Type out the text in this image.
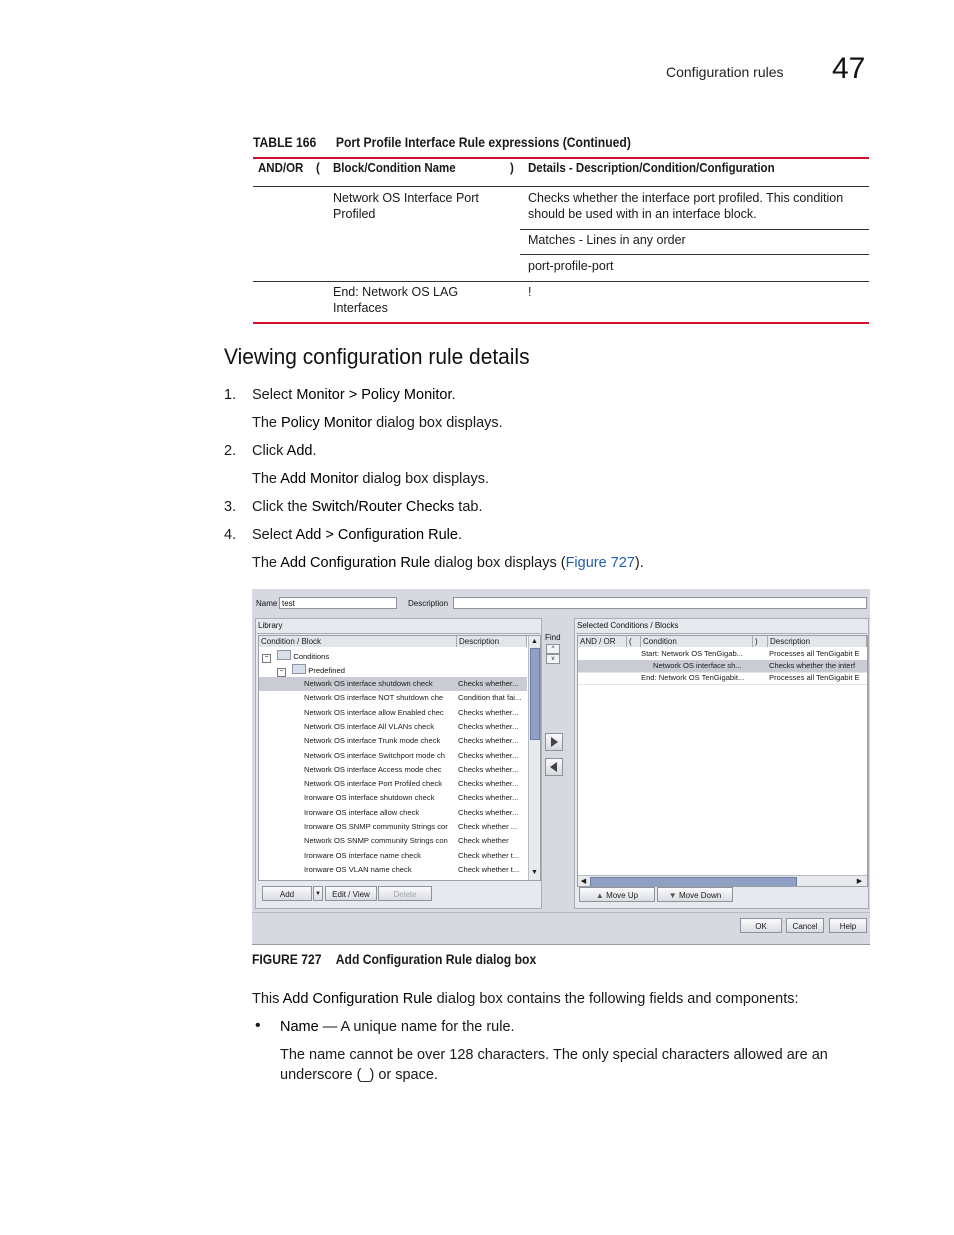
Configuration rules 47
TABLE 166 Port Profile Interface Rule expressions (Continued)
AND/OR ( Block/Condition Name	) Details - Description/Condition/Configuration
Network OS Interface Port
Profiled
Checks whether the interface port profiled. This condition
should be used with in an interface block.
Matches - Lines in any order
port-profile-port
End: Network OS LAG
Interfaces
!
Viewing configuration rule details
1. Select Monitor > Policy Monitor.
The Policy Monitor dialog box displays.
2. Click Add.
The Add Monitor dialog box displays.
3. Click the Switch/Router Checks tab.
4. Select Add > Configuration Rule.
The Add Configuration Rule dialog box displays (Figure 727).
Name test	Description
Library
Condition / Block	Description
−	Conditions
−	Predefined
Network OS interface shutdown check	Checks whether...
Network OS interface NOT shutdown che	Condition that fai...
Network OS interface allow Enabled chec	Checks whether...
Network OS interface All VLANs check	Checks whether...
Network OS interface Trunk mode check	Checks whether...
Network OS interface Switchport mode ch	Checks whether...
Network OS interface Access mode chec	Checks whether...
Network OS interface Port Profiled check	Checks whether...
Ironware OS interface shutdown check	Checks whether...
Ironware OS interface allow check	Checks whether...
Ironware OS SNMP community Strings cor	Check whether ...
Network OS SNMP community Strings con	Check whether
Ironware OS interface name check	Check whether t...
Ironware OS VLAN name check	Check whether t...
▲
▼
Add	▼	Edit / View	Delete
Find
^
v
Selected Conditions / Blocks
AND / OR	(	Condition	)	Description
Start: Network OS TenGigab...	Processes all TenGigabit E
Network OS interface sh...	Checks whether the interf
End: Network OS TenGigabit...	Processes all TenGigabit E
◀	▶
▲ Move Up	▼ Move Down
OK	Cancel	Help
FIGURE 727 Add Configuration Rule dialog box
This Add Configuration Rule dialog box contains the following fields and components:
• Name — A unique name for the rule.
The name cannot be over 128 characters. The only special characters allowed are an
underscore (_) or space.
